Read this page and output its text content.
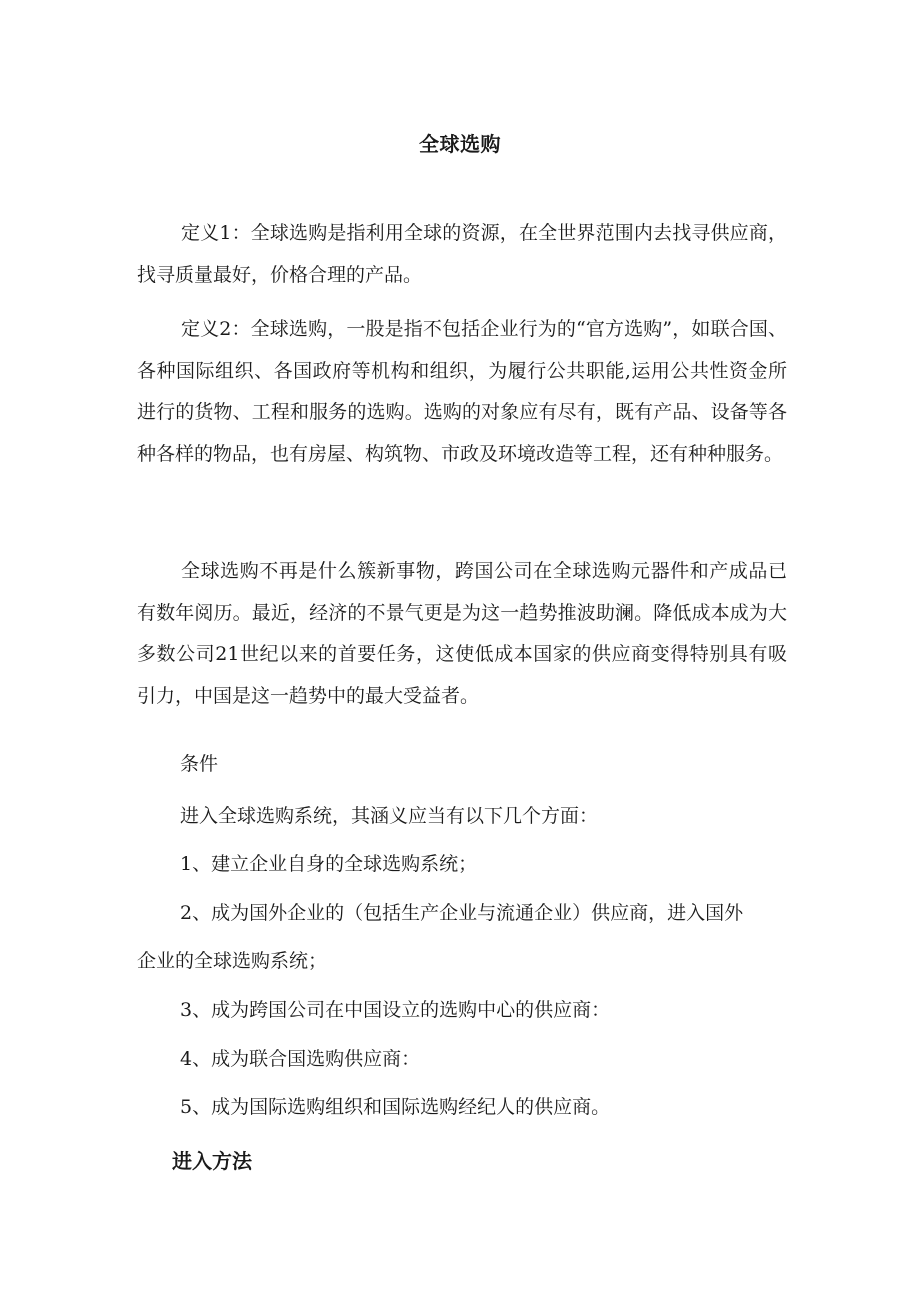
全球选购

定义1：全球选购是指利用全球的资源，在全世界范围内去找寻供应商，找寻质量最好，价格合理的产品。

定义2：全球选购，一股是指不包括企业行为的“官方选购”，如联合国、各种国际组织、各国政府等机构和组织，为履行公共职能,运用公共性资金所进行的货物、工程和服务的选购。选购的对象应有尽有，既有产品、设备等各种各样的物品，也有房屋、构筑物、市政及环境改造等工程，还有种种服务。

全球选购不再是什么簇新事物，跨国公司在全球选购元器件和产成品已有数年阅历。最近，经济的不景气更是为这一趋势推波助澜。降低成本成为大多数公司21世纪以来的首要任务，这使低成本国家的供应商变得特别具有吸引力，中国是这一趋势中的最大受益者。

条件

进入全球选购系统，其涵义应当有以下几个方面：

1、建立企业自身的全球选购系统；

2、成为国外企业的（包括生产企业与流通企业）供应商，进入国外

企业的全球选购系统；

3、成为跨国公司在中国设立的选购中心的供应商：

4、成为联合国选购供应商：

5、成为国际选购组织和国际选购经纪人的供应商。

进入方法
